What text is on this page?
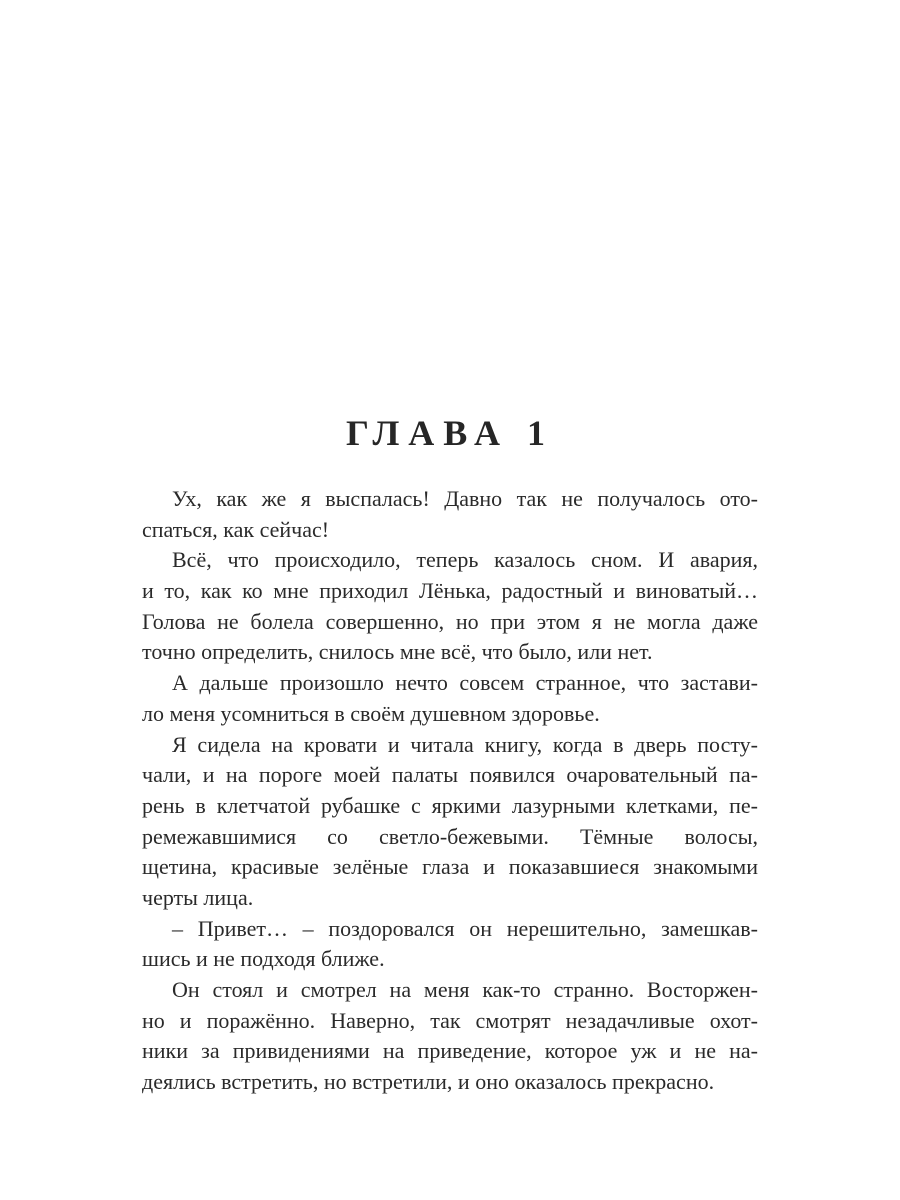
ГЛАВА 1
Ух, как же я выспалась! Давно так не получалось ото-
спаться, как сейчас!
Всё, что происходило, теперь казалось сном. И авария,
и то, как ко мне приходил Лёнька, радостный и виноватый…
Голова не болела совершенно, но при этом я не могла даже
точно определить, снилось мне всё, что было, или нет.
А дальше произошло нечто совсем странное, что застави-
ло меня усомниться в своём душевном здоровье.
Я сидела на кровати и читала книгу, когда в дверь посту-
чали, и на пороге моей палаты появился очаровательный па-
рень в клетчатой рубашке с яркими лазурными клетками, пе-
ремежавшимися со светло-бежевыми. Тёмные волосы,
щетина, красивые зелёные глаза и показавшиеся знакомыми
черты лица.
– Привет… – поздоровался он нерешительно, замешкав-
шись и не подходя ближе.
Он стоял и смотрел на меня как-то странно. Восторжен-
но и поражённо. Наверно, так смотрят незадачливые охот-
ники за привидениями на приведение, которое уж и не на-
деялись встретить, но встретили, и оно оказалось прекрасно.
